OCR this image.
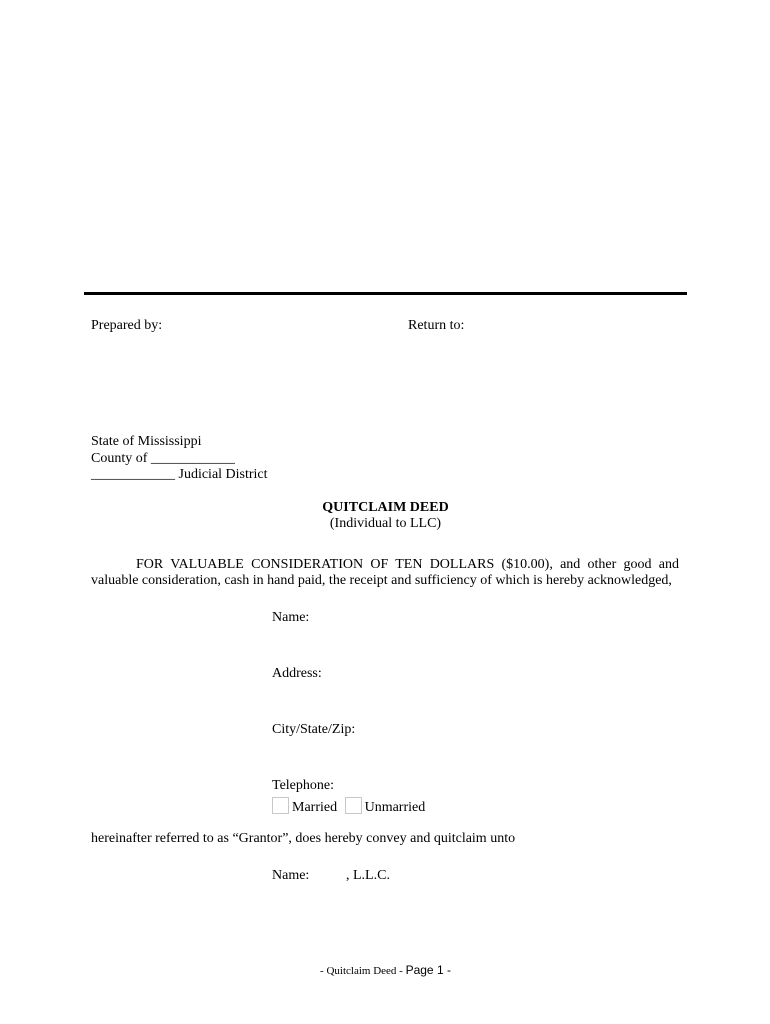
Prepared by:	Return to:
State of Mississippi
County of ____________
____________ Judicial District
QUITCLAIM DEED
(Individual to LLC)
FOR VALUABLE CONSIDERATION OF TEN DOLLARS ($10.00), and other good and valuable consideration, cash in hand paid, the receipt and sufficiency of which is hereby acknowledged,
Name:
Address:
City/State/Zip:
Telephone:
Married Unmarried
hereinafter referred to as “Grantor”, does hereby convey and quitclaim unto
Name:	, L.L.C.
- Quitclaim Deed - Page 1 -
